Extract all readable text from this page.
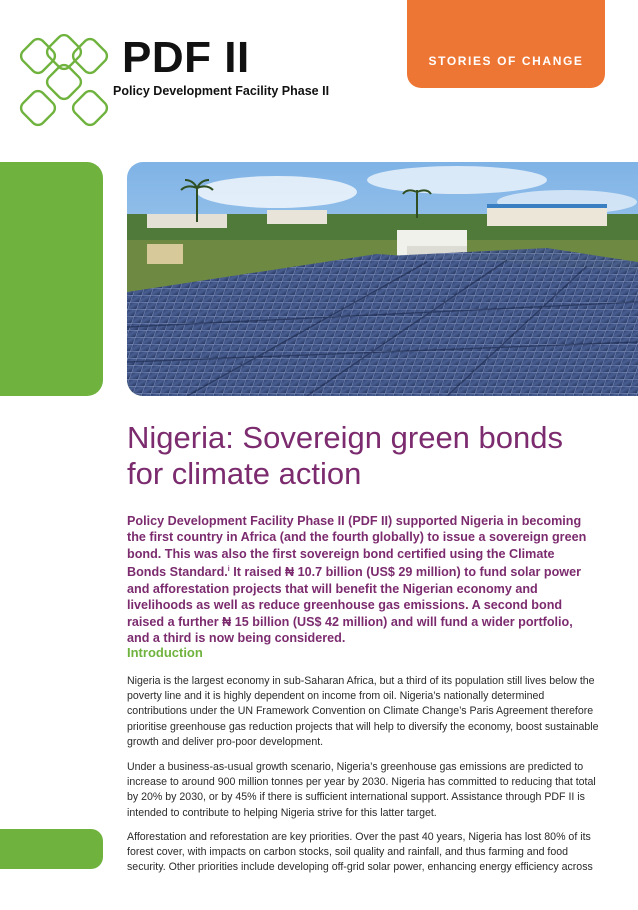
STORIES OF CHANGE
PDF II
Policy Development Facility Phase II
Nigeria: Sovereign green bonds
for climate action

Policy Development Facility Phase II (PDF II) supported Nigeria in becoming the first country in Africa (and the fourth globally) to issue a sovereign green bond. This was also the first sovereign bond certified using the Climate Bonds Standard.$^i$ It raised ₦ 10.7 billion (US$ 29 million) to fund solar power and afforestation projects that will benefit the Nigerian economy and livelihoods as well as reduce greenhouse gas emissions. A second bond raised a further ₦ 15 billion (US$ 42 million) and will fund a wider portfolio, and a third is now being considered.

Introduction

Nigeria is the largest economy in sub-Saharan Africa, but a third of its population still lives below the poverty line and it is highly dependent on income from oil. Nigeria’s nationally determined contributions under the UN Framework Convention on Climate Change’s Paris Agreement therefore prioritise greenhouse gas reduction projects that will help to diversify the economy, boost sustainable growth and deliver pro-poor development.

Under a business-as-usual growth scenario, Nigeria’s greenhouse gas emissions are predicted to increase to around 900 million tonnes per year by 2030. Nigeria has committed to reducing that total by 20% by 2030, or by 45% if there is sufficient international support. Assistance through PDF II is intended to contribute to helping Nigeria strive for this latter target.

Afforestation and reforestation are key priorities. Over the past 40 years, Nigeria has lost 80% of its forest cover, with impacts on carbon stocks, soil quality and rainfall, and thus farming and food security. Other priorities include developing off-grid solar power, enhancing energy efficiency across
